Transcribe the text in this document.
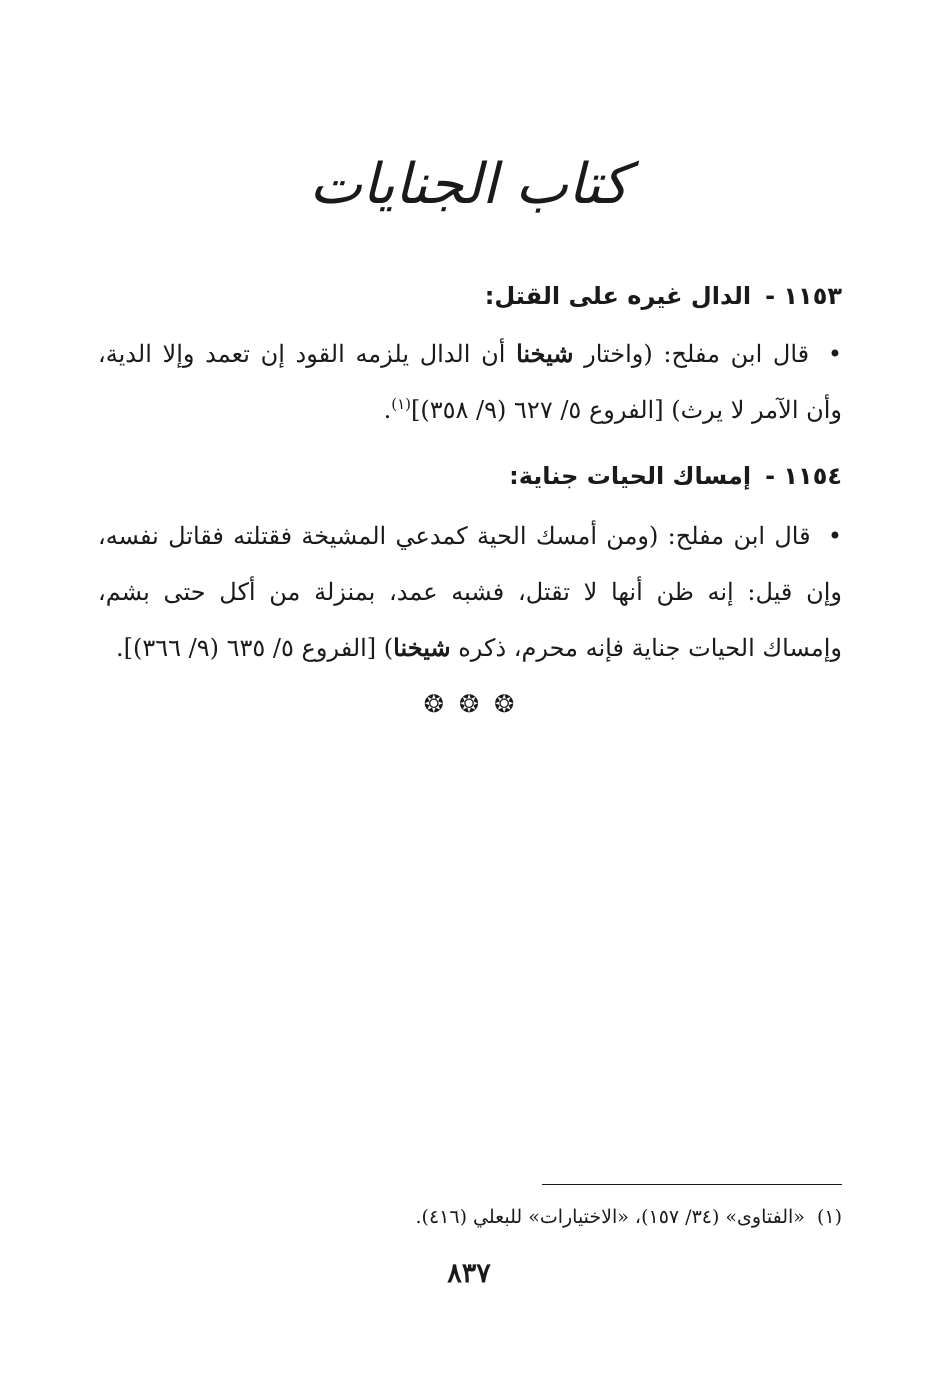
كتاب الجنايات
١١٥٣ -الدال غيره على القتل:
• قال ابن مفلح: (واختار شيخنا أن الدال يلزمه القود إن تعمد وإلا الدية، وأن الآمر لا يرث) [الفروع ٥/ ٦٢٧ (٩/ ٣٥٨)]$^{(١)}$.
١١٥٤ -إمساك الحيات جناية:
• قال ابن مفلح: (ومن أمسك الحية كمدعي المشيخة فقتلته فقاتل نفسه، وإن قيل: إنه ظن أنها لا تقتل، فشبه عمد، بمنزلة من أكل حتى بشم، وإمساك الحيات جناية فإنه محرم، ذكره شيخنا) [الفروع ٥/ ٦٣٥ (٩/ ٣٦٦)].
❂ ❂ ❂
(١)«الفتاوى» (٣٤/ ١٥٧)، «الاختيارات» للبعلي (٤١٦).
٨٣٧
